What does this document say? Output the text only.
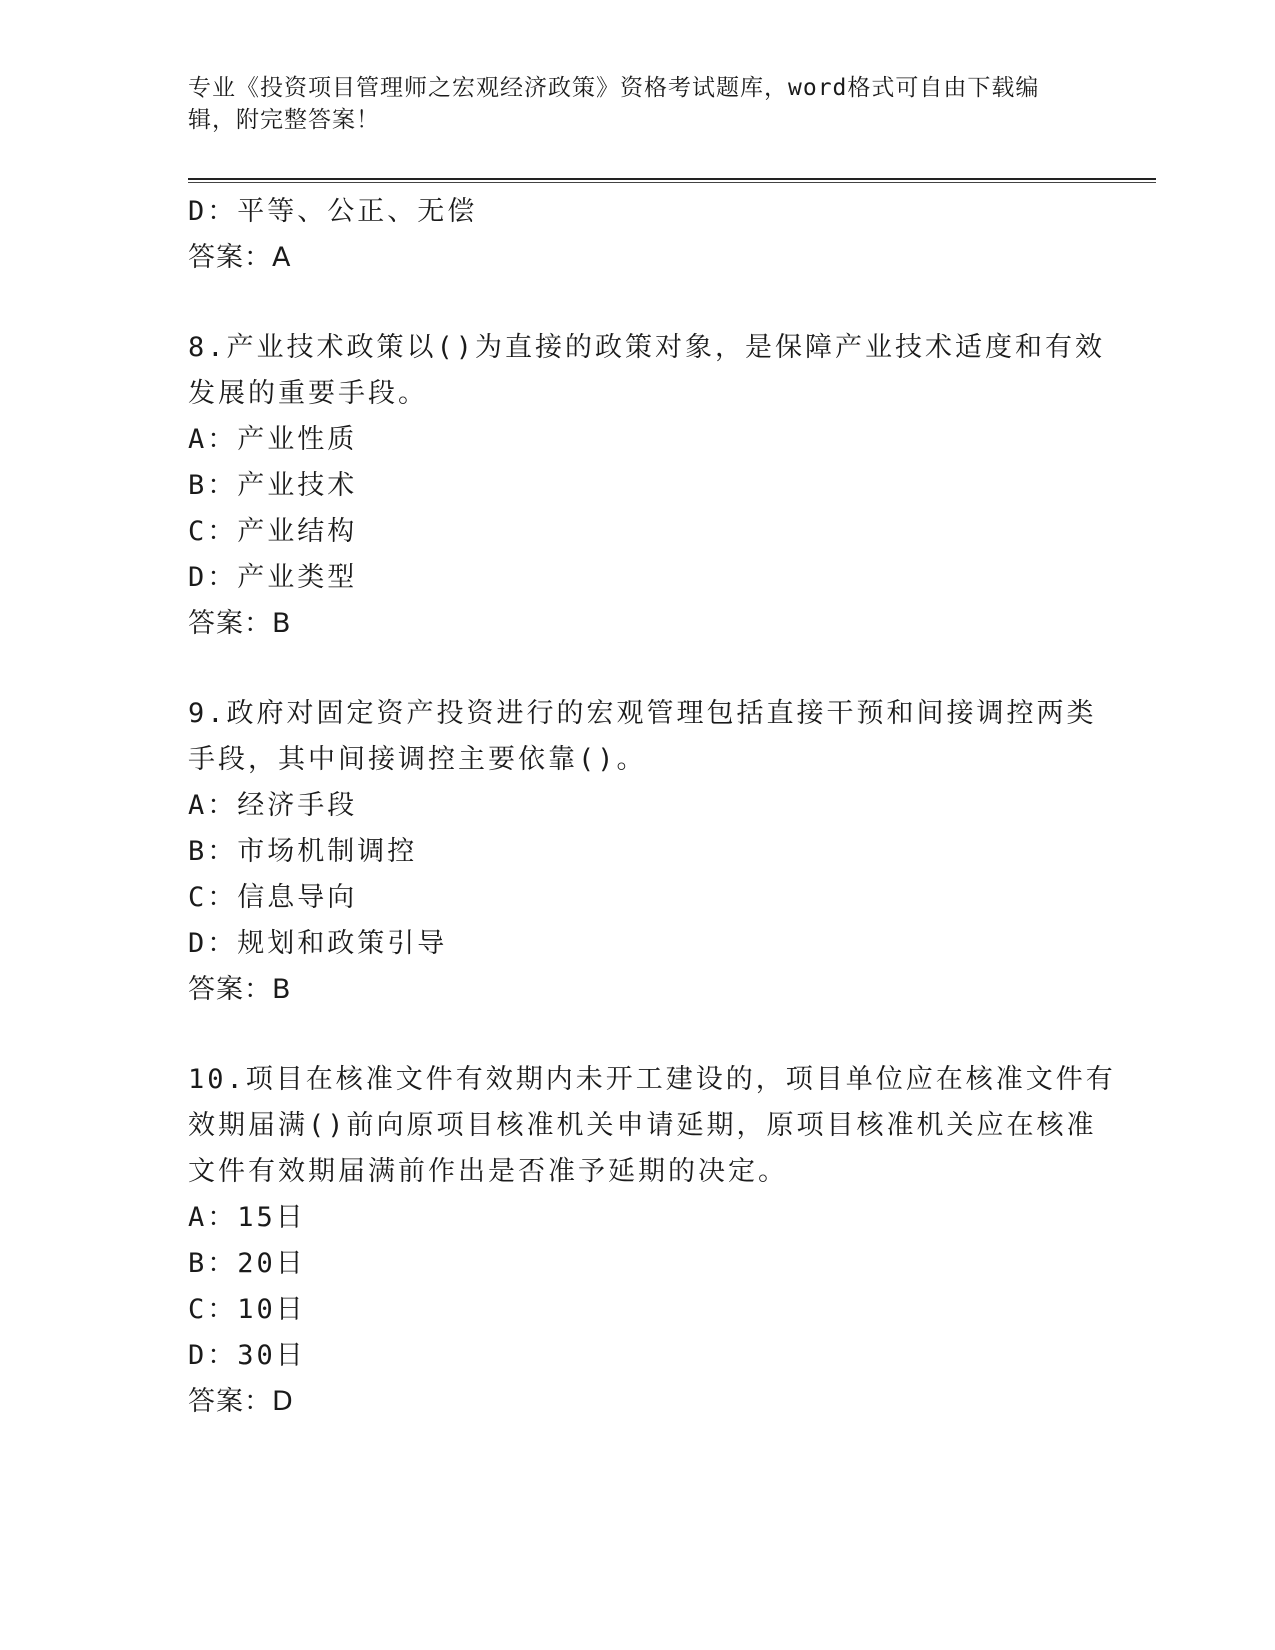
专业《投资项目管理师之宏观经济政策》资格考试题库，word格式可自由下载编
辑，附完整答案！
D：平等、公正、无偿
答案：A
8.产业技术政策以()为直接的政策对象，是保障产业技术适度和有效
发展的重要手段。
A：产业性质
B：产业技术
C：产业结构
D：产业类型
答案：B
9.政府对固定资产投资进行的宏观管理包括直接干预和间接调控两类
手段，其中间接调控主要依靠()。
A：经济手段
B：市场机制调控
C：信息导向
D：规划和政策引导
答案：B
10.项目在核准文件有效期内未开工建设的，项目单位应在核准文件有
效期届满()前向原项目核准机关申请延期，原项目核准机关应在核准
文件有效期届满前作出是否准予延期的决定。
A：15日
B：20日
C：10日
D：30日
答案：D
